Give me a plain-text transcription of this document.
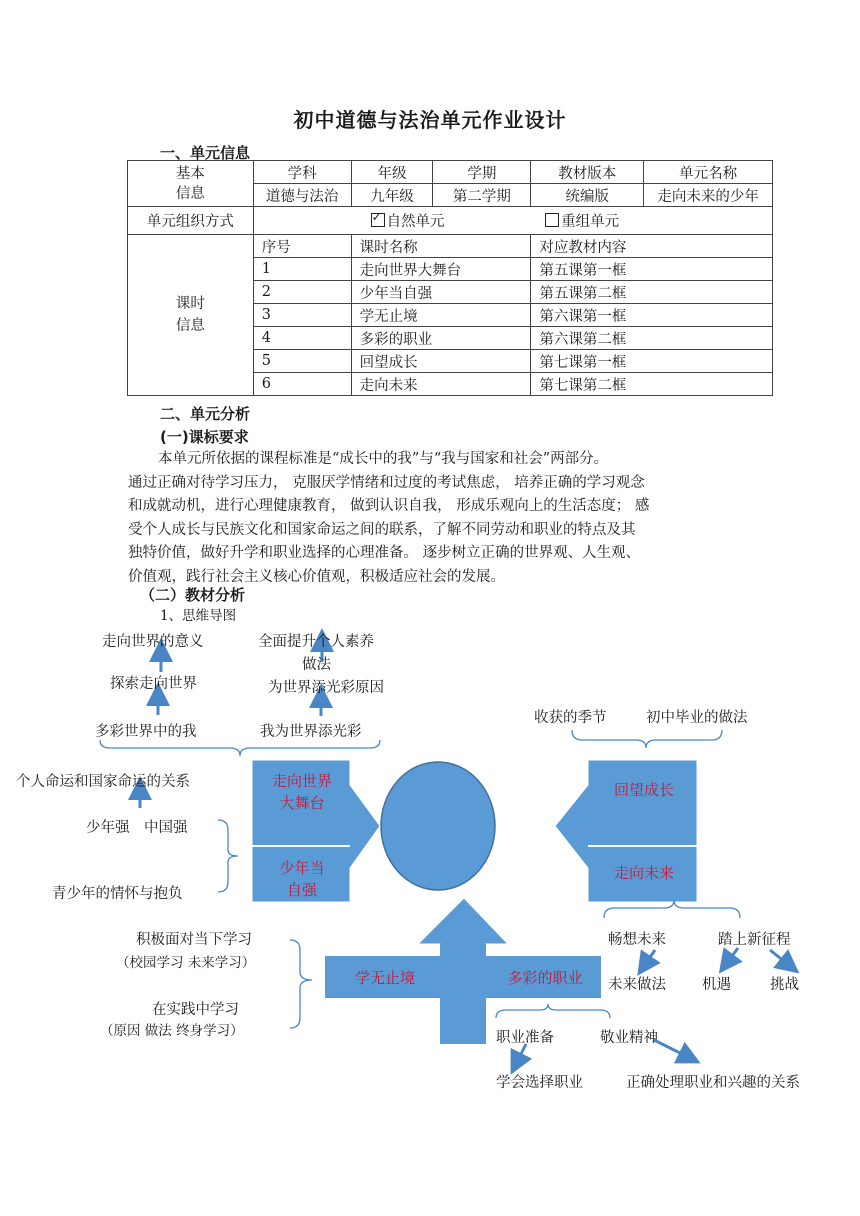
初中道德与法治单元作业设计
一、单元信息
基本
信息	学科	年级	学期	教材版本	单元名称
	道德与法治	九年级	第二学期	统编版	走向未来的少年
单元组织方式	✓自然单元 重组单元
课时
信息	序号	课时名称		对应教材内容	
	1	走向世界大舞台		第五课第一框	
	2	少年当自强		第五课第二框	
	3	学无止境		第六课第一框	
	4	多彩的职业		第六课第二框	
	5	回望成长		第七课第一框	
	6	走向未来		第七课第二框	
二、单元分析
(一)课标要求

本单元所依据的课程标准是“成长中的我”与“我与国家和社会”两部分。

通过正确对待学习压力， 克服厌学情绪和过度的考试焦虑， 培养正确的学习观念

和成就动机，进行心理健康教育， 做到认识自我， 形成乐观向上的生活态度； 感

受个人成长与民族文化和国家命运之间的联系，了解不同劳动和职业的特点及其

独特价值，做好升学和职业选择的心理准备。 逐步树立正确的世界观、人生观、

价值观，践行社会主义核心价值观，积极适应社会的发展。

（二）教材分析
1、思维导图
走向世界
大舞台
少年当
自强
回望成长
走向未来
学无止境	多彩的职业
走向世界的意义
探索走向世界
多彩世界中的我
全面提升个人素养
做法
为世界添光彩原因
我为世界添光彩
个人命运和国家命运的关系
少年强　中国强
青少年的情怀与抱负
收获的季节	初中毕业的做法
畅想未来	踏上新征程
未来做法 机遇	挑战
积极面对当下学习
（校园学习 未来学习）
在实践中学习
（原因 做法 终身学习）	职业准备	敬业精神
学会选择职业	正确处理职业和兴趣的关系
